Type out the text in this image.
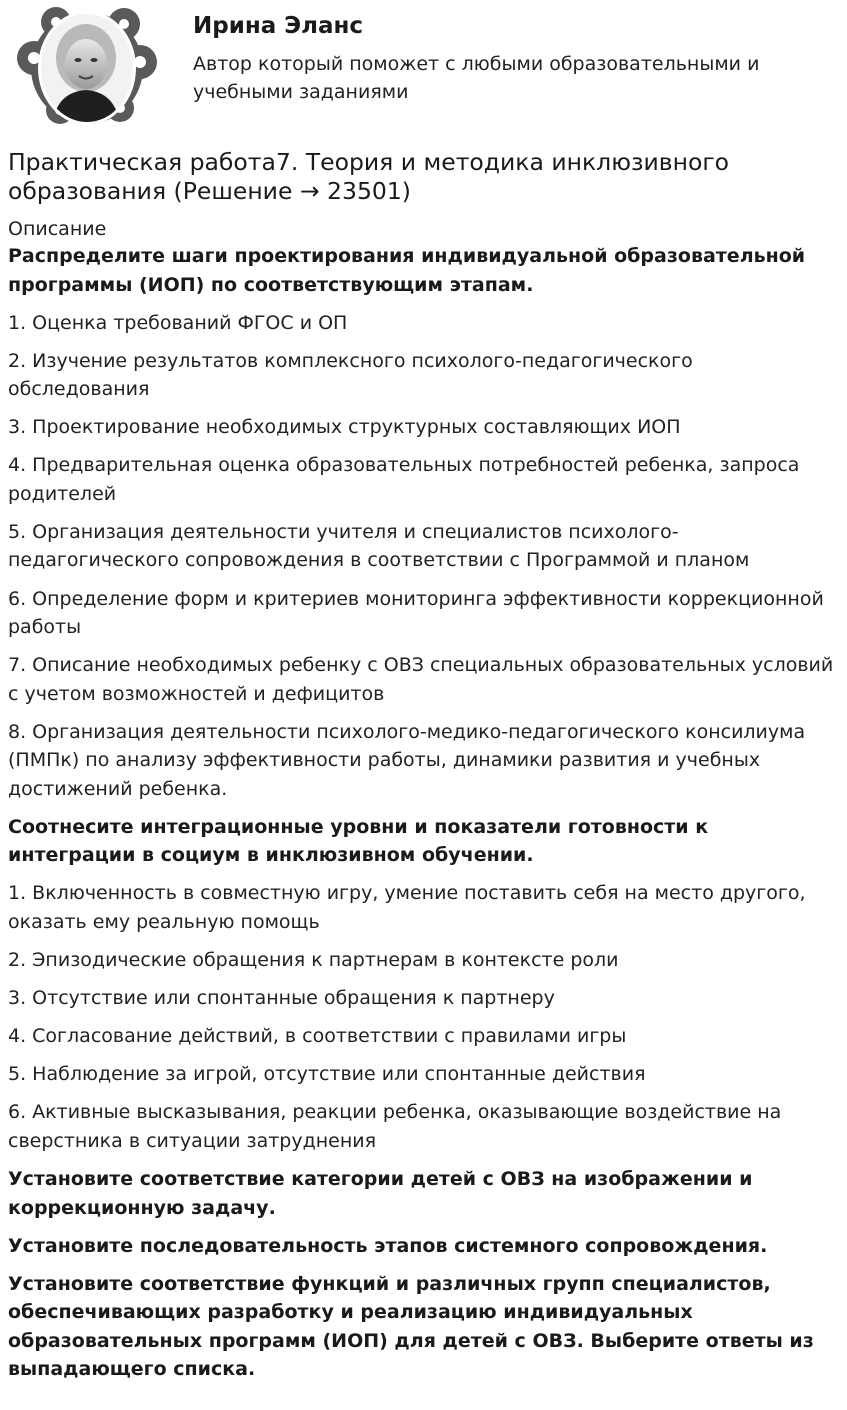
Ирина Эланс
Автор который поможет с любыми образовательными и учебными заданиями
Практическая работа7. Теория и методика инклюзивного образования (Решение → 23501)
Описание
Распределите шаги проектирования индивидуальной образовательной программы (ИОП) по соответствующим этапам.
1. Оценка требований ФГОС и ОП
2. Изучение результатов комплексного психолого-педагогического обследования
3. Проектирование необходимых структурных составляющих ИОП
4. Предварительная оценка образовательных потребностей ребенка, запроса родителей
5. Организация деятельности учителя и специалистов психолого-педагогического сопровождения в соответствии с Программой и планом
6. Определение форм и критериев мониторинга эффективности коррекционной работы
7. Описание необходимых ребенку с ОВЗ специальных образовательных условий с учетом возможностей и дефицитов
8. Организация деятельности психолого-медико-педагогического консилиума (ПМПк) по анализу эффективности работы, динамики развития и учебных достижений ребенка.
Соотнесите интеграционные уровни и показатели готовности к интеграции в социум в инклюзивном обучении.
1. Включенность в совместную игру, умение поставить себя на место другого, оказать ему реальную помощь
2. Эпизодические обращения к партнерам в контексте роли
3. Отсутствие или спонтанные обращения к партнеру
4. Согласование действий, в соответствии с правилами игры
5. Наблюдение за игрой, отсутствие или спонтанные действия
6. Активные высказывания, реакции ребенка, оказывающие воздействие на сверстника в ситуации затруднения
Установите соответствие категории детей с ОВЗ на изображении и коррекционную задачу.
Установите последовательность этапов системного сопровождения.
Установите соответствие функций и различных групп специалистов, обеспечивающих разработку и реализацию индивидуальных образовательных программ (ИОП) для детей с ОВЗ. Выберите ответы из выпадающего списка.
